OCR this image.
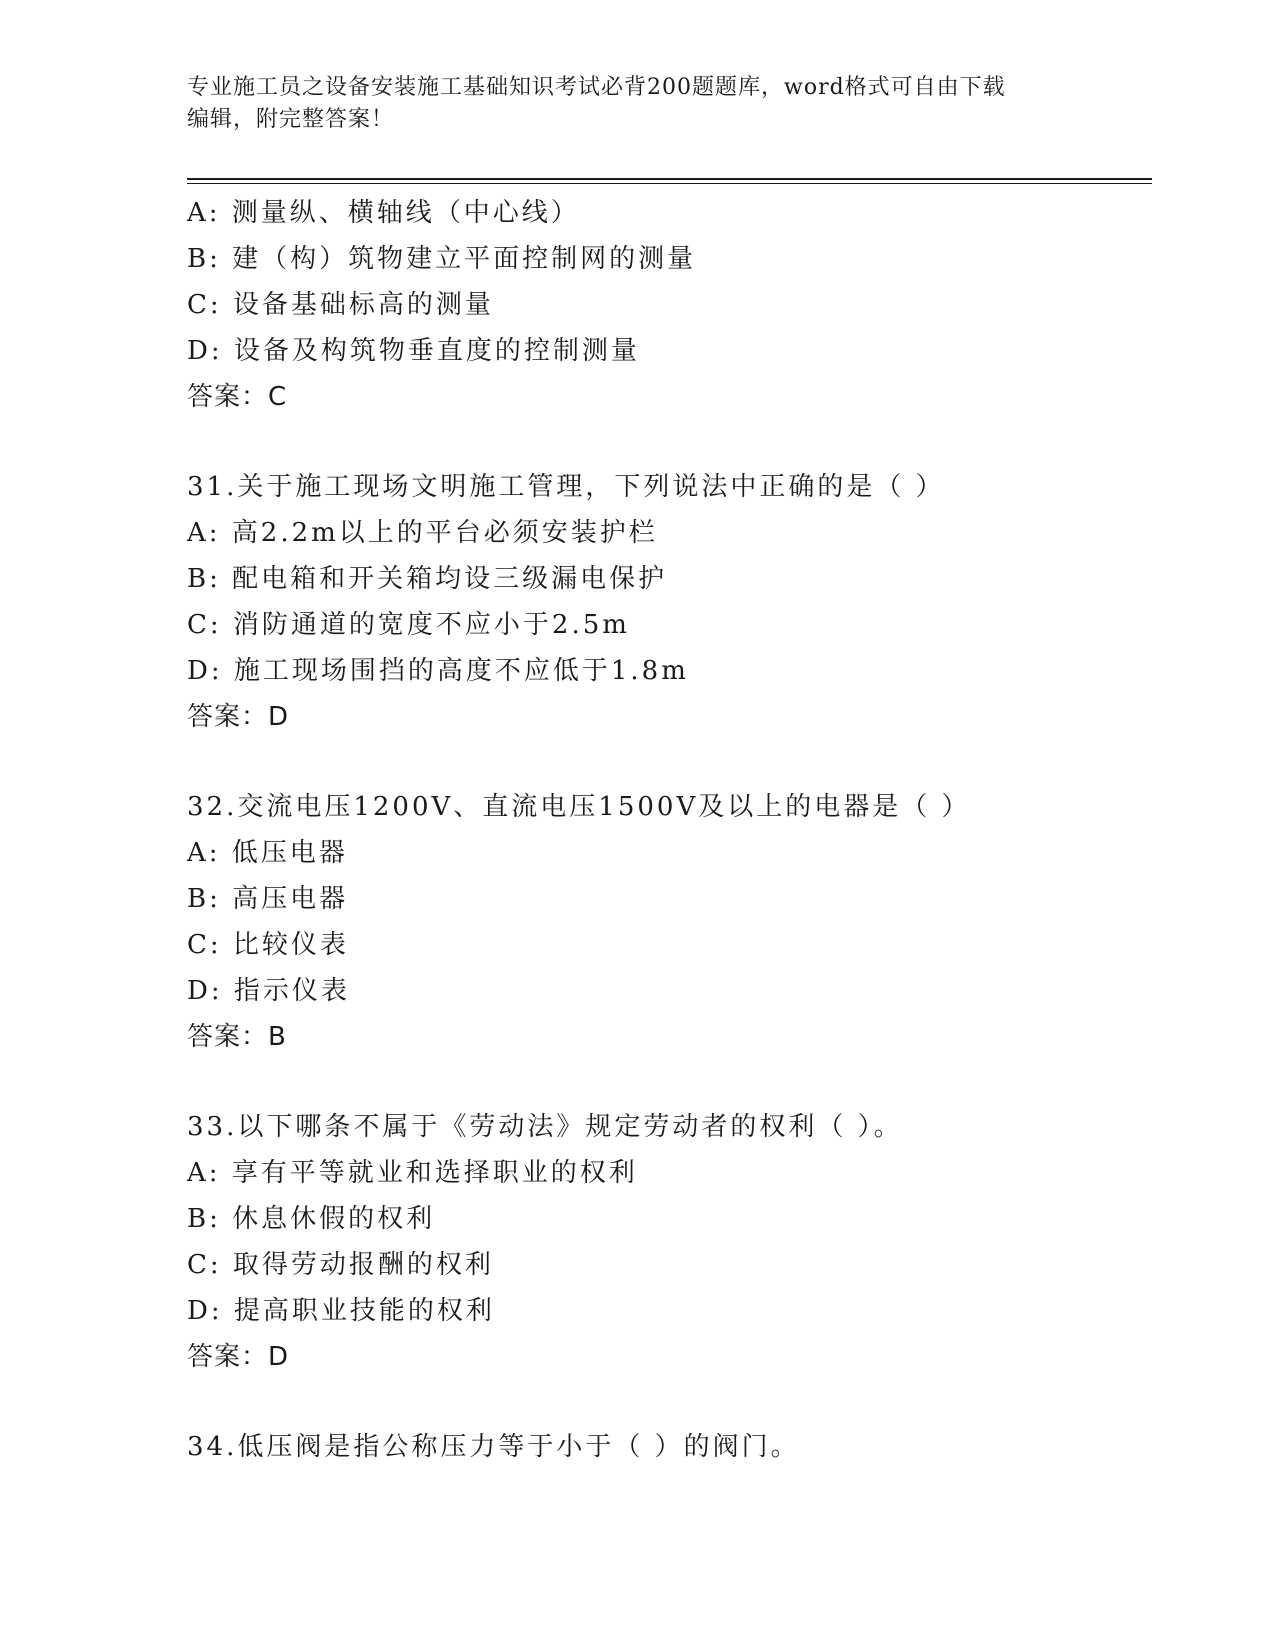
专业施工员之设备安装施工基础知识考试必背200题题库，word格式可自由下载
编辑，附完整答案！
A: 测量纵、横轴线（中心线）
B: 建（构）筑物建立平面控制网的测量
C: 设备基础标高的测量
D: 设备及构筑物垂直度的控制测量
答案：C
31.关于施工现场文明施工管理，下列说法中正确的是（ ）
A: 高2.2m以上的平台必须安装护栏
B: 配电箱和开关箱均设三级漏电保护
C: 消防通道的宽度不应小于2.5m
D: 施工现场围挡的高度不应低于1.8m
答案：D
32.交流电压1200V、直流电压1500V及以上的电器是（ ）
A: 低压电器
B: 高压电器
C: 比较仪表
D: 指示仪表
答案：B
33.以下哪条不属于《劳动法》规定劳动者的权利（ ）。
A: 享有平等就业和选择职业的权利
B: 休息休假的权利
C: 取得劳动报酬的权利
D: 提高职业技能的权利
答案：D
34.低压阀是指公称压力等于小于（ ）的阀门。
